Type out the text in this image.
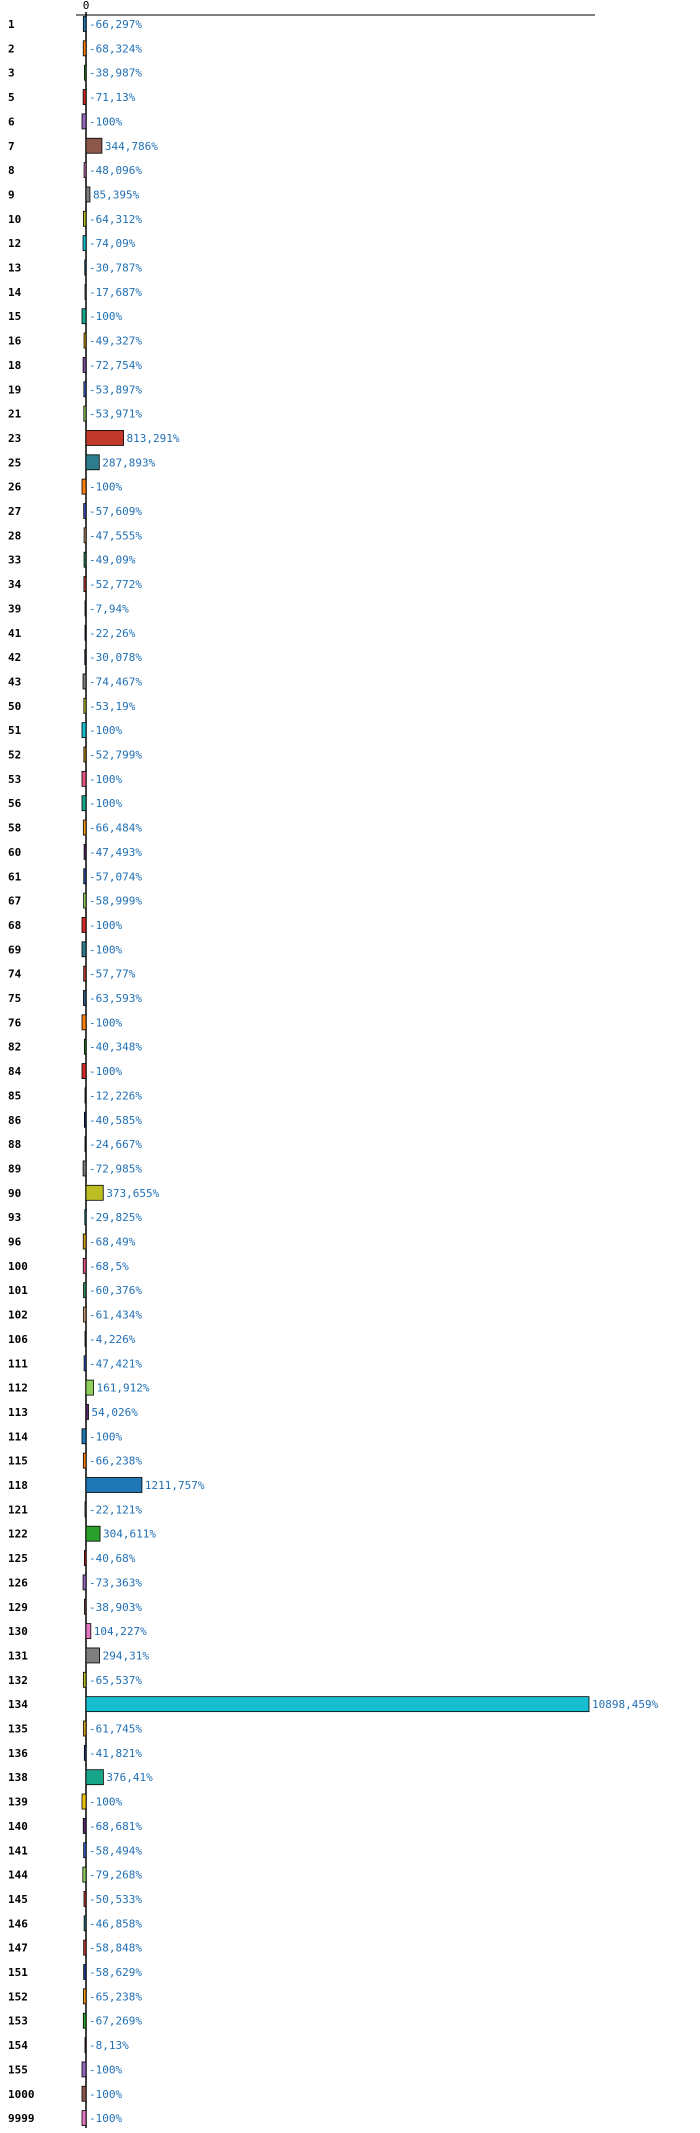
0
1	-66,297%
2	-68,324%
3	-38,987%
5	-71,13%
6	-100%
7	344,786%
8	-48,096%
9	85,395%
10	-64,312%
12	-74,09%
13	-30,787%
14	-17,687%
15	-100%
16	-49,327%
18	-72,754%
19	-53,897%
21	-53,971%
23	813,291%
25	287,893%
26	-100%
27	-57,609%
28	-47,555%
33	-49,09%
34	-52,772%
39	-7,94%
41	-22,26%
42	-30,078%
43	-74,467%
50	-53,19%
51	-100%
52	-52,799%
53	-100%
56	-100%
58	-66,484%
60	-47,493%
61	-57,074%
67	-58,999%
68	-100%
69	-100%
74	-57,77%
75	-63,593%
76	-100%
82	-40,348%
84	-100%
85	-12,226%
86	-40,585%
88	-24,667%
89	-72,985%
90	373,655%
93	-29,825%
96	-68,49%
100	-68,5%
101	-60,376%
102	-61,434%
106	-4,226%
111	-47,421%
112	161,912%
113	54,026%
114	-100%
115	-66,238%
118	1211,757%
121	-22,121%
122	304,611%
125	-40,68%
126	-73,363%
129	-38,903%
130	104,227%
131	294,31%
132	-65,537%
134	10898,459%
135	-61,745%
136	-41,821%
138	376,41%
139	-100%
140	-68,681%
141	-58,494%
144	-79,268%
145	-50,533%
146	-46,858%
147	-58,848%
151	-58,629%
152	-65,238%
153	-67,269%
154	-8,13%
155	-100%
1000	-100%
9999	-100%
